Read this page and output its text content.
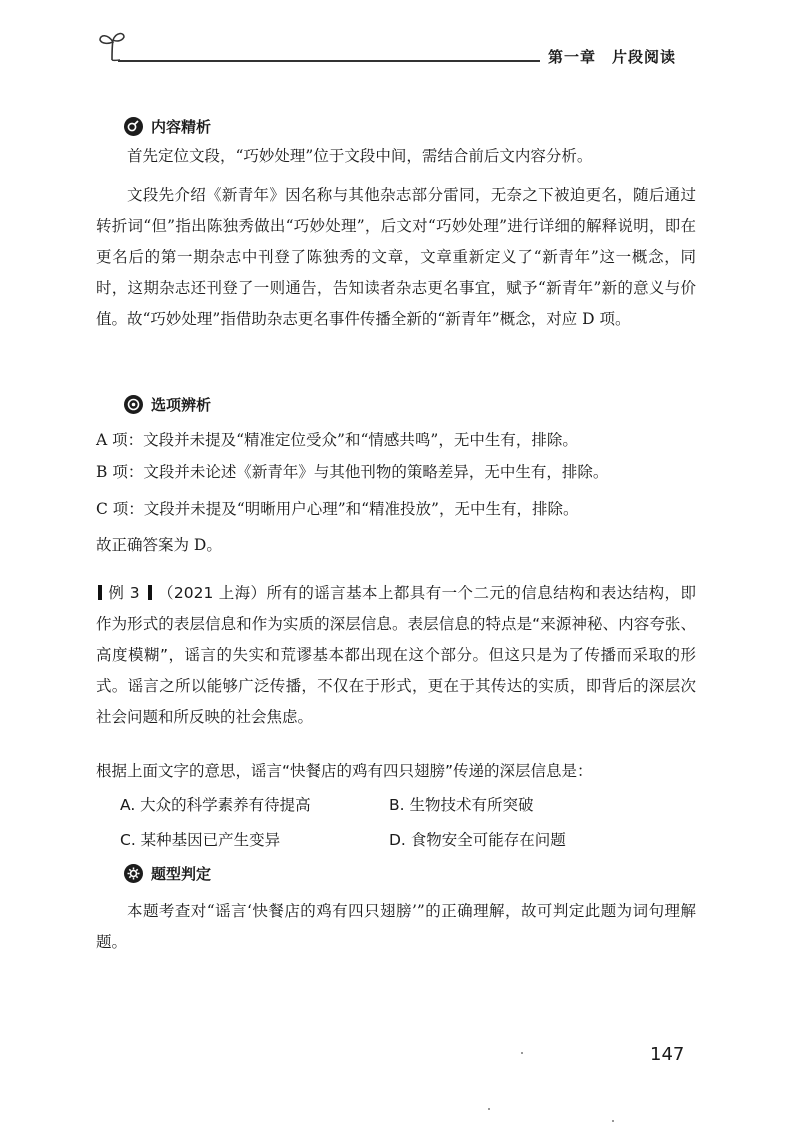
第一章　片段阅读
内容精析
首先定位文段，“巧妙处理”位于文段中间，需结合前后文内容分析。
文段先介绍《新青年》因名称与其他杂志部分雷同，无奈之下被迫更名，随后通过转折词“但”指出陈独秀做出“巧妙处理”，后文对“巧妙处理”进行详细的解释说明，即在更名后的第一期杂志中刊登了陈独秀的文章，文章重新定义了“新青年”这一概念，同时，这期杂志还刊登了一则通告，告知读者杂志更名事宜，赋予“新青年”新的意义与价值。故“巧妙处理”指借助杂志更名事件传播全新的“新青年”概念，对应 D 项。
选项辨析
A 项：文段并未提及“精准定位受众”和“情感共鸣”，无中生有，排除。
B 项：文段并未论述《新青年》与其他刊物的策略差异，无中生有，排除。
C 项：文段并未提及“明晰用户心理”和“精准投放”，无中生有，排除。
故正确答案为 D。
例 3 （2021 上海）所有的谣言基本上都具有一个二元的信息结构和表达结构，即作为形式的表层信息和作为实质的深层信息。表层信息的特点是“来源神秘、内容夸张、高度模糊”，谣言的失实和荒谬基本都出现在这个部分。但这只是为了传播而采取的形式。谣言之所以能够广泛传播，不仅在于形式，更在于其传达的实质，即背后的深层次社会问题和所反映的社会焦虑。
根据上面文字的意思，谣言“快餐店的鸡有四只翅膀”传递的深层信息是：
A. 大众的科学素养有待提高	B. 生物技术有所突破
C. 某种基因已产生变异	D. 食物安全可能存在问题
题型判定
本题考查对“谣言‘快餐店的鸡有四只翅膀’”的正确理解，故可判定此题为词句理解题。
147
